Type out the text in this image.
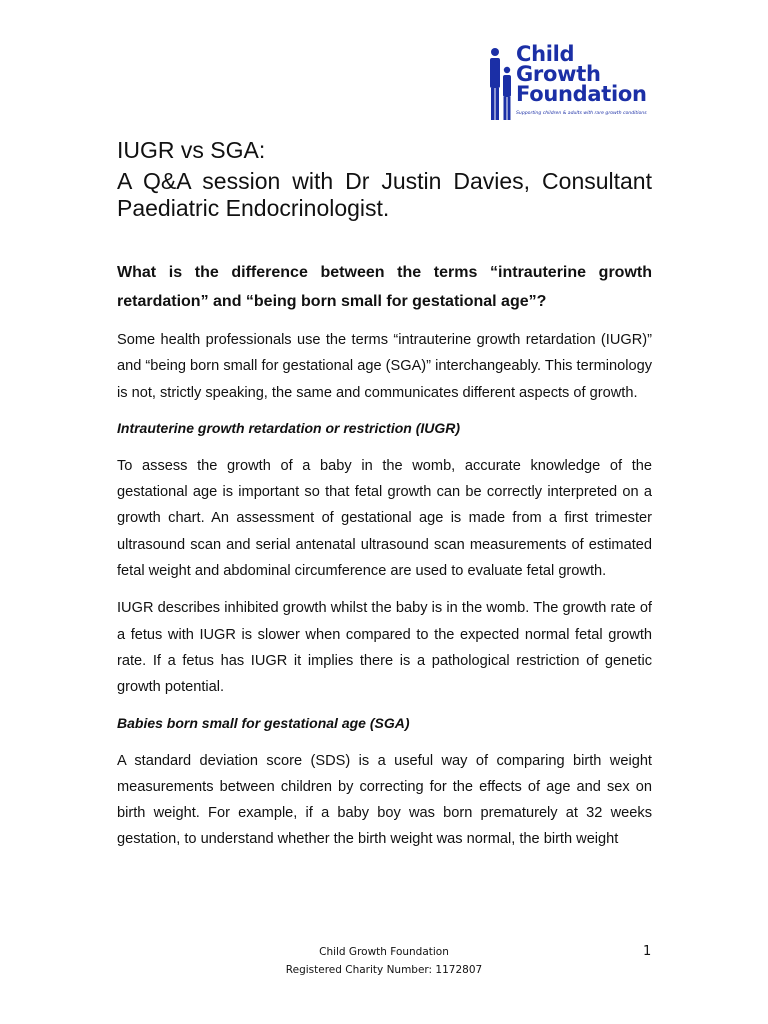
Child
Growth
Foundation
Supporting children & adults with rare growth conditions
IUGR vs SGA:
A Q&A session with Dr Justin Davies, Consultant Paediatric Endocrinologist.
What is the difference between the terms “intrauterine growth retardation” and “being born small for gestational age”?

Some health professionals use the terms “intrauterine growth retardation (IUGR)” and “being born small for gestational age (SGA)” interchangeably. This terminology is not, strictly speaking, the same and communicates different aspects of growth.

Intrauterine growth retardation or restriction (IUGR)

To assess the growth of a baby in the womb, accurate knowledge of the gestational age is important so that fetal growth can be correctly interpreted on a growth chart. An assessment of gestational age is made from a first trimester ultrasound scan and serial antenatal ultrasound scan measurements of estimated fetal weight and abdominal circumference are used to evaluate fetal growth.

IUGR describes inhibited growth whilst the baby is in the womb. The growth rate of a fetus with IUGR is slower when compared to the expected normal fetal growth rate. If a fetus has IUGR it implies there is a pathological restriction of genetic growth potential.

Babies born small for gestational age (SGA)

A standard deviation score (SDS) is a useful way of comparing birth weight measurements between children by correcting for the effects of age and sex on birth weight. For example, if a baby boy was born prematurely at 32 weeks gestation, to understand whether the birth weight was normal, the birth weight

Child Growth Foundation
Registered Charity Number: 1172807
1
